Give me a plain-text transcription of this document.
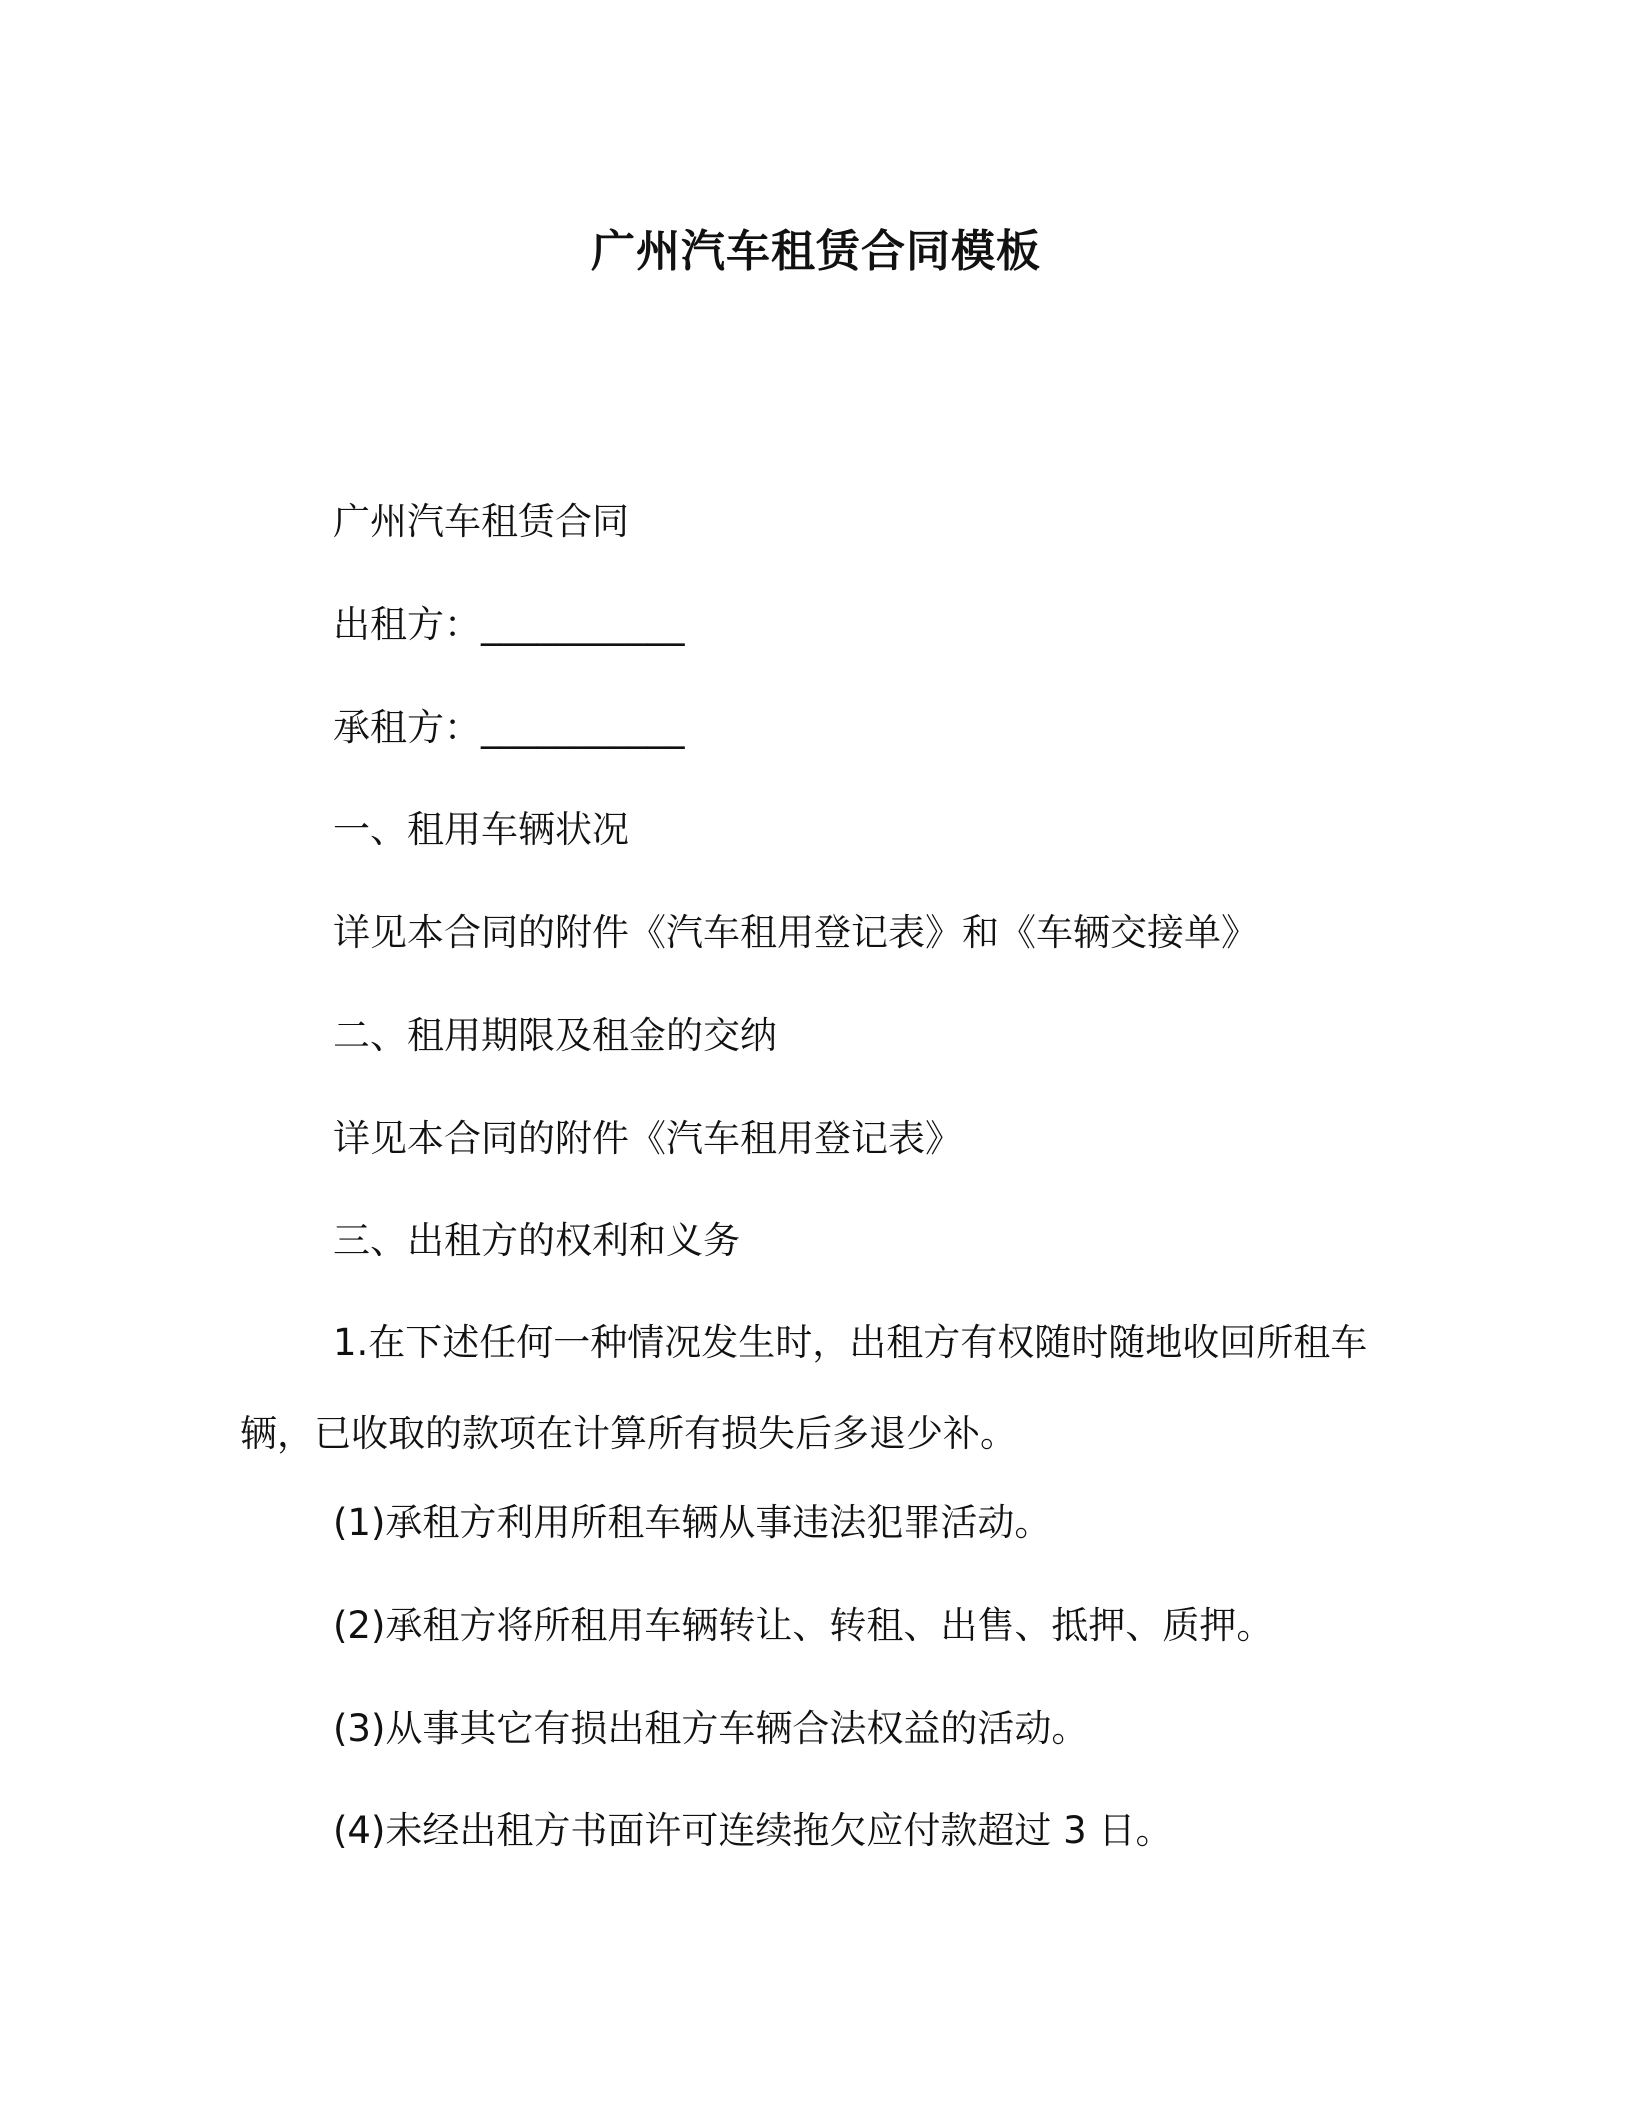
广州汽车租赁合同模板
广州汽车租赁合同
出租方：___________
承租方：___________
一、租用车辆状况
详见本合同的附件《汽车租用登记表》和《车辆交接单》
二、租用期限及租金的交纳
详见本合同的附件《汽车租用登记表》
三、出租方的权利和义务
1.在下述任何一种情况发生时，出租方有权随时随地收回所租车辆，已收取的款项在计算所有损失后多退少补。
(1)承租方利用所租车辆从事违法犯罪活动。
(2)承租方将所租用车辆转让、转租、出售、抵押、质押。
(3)从事其它有损出租方车辆合法权益的活动。
(4)未经出租方书面许可连续拖欠应付款超过 3 日。
